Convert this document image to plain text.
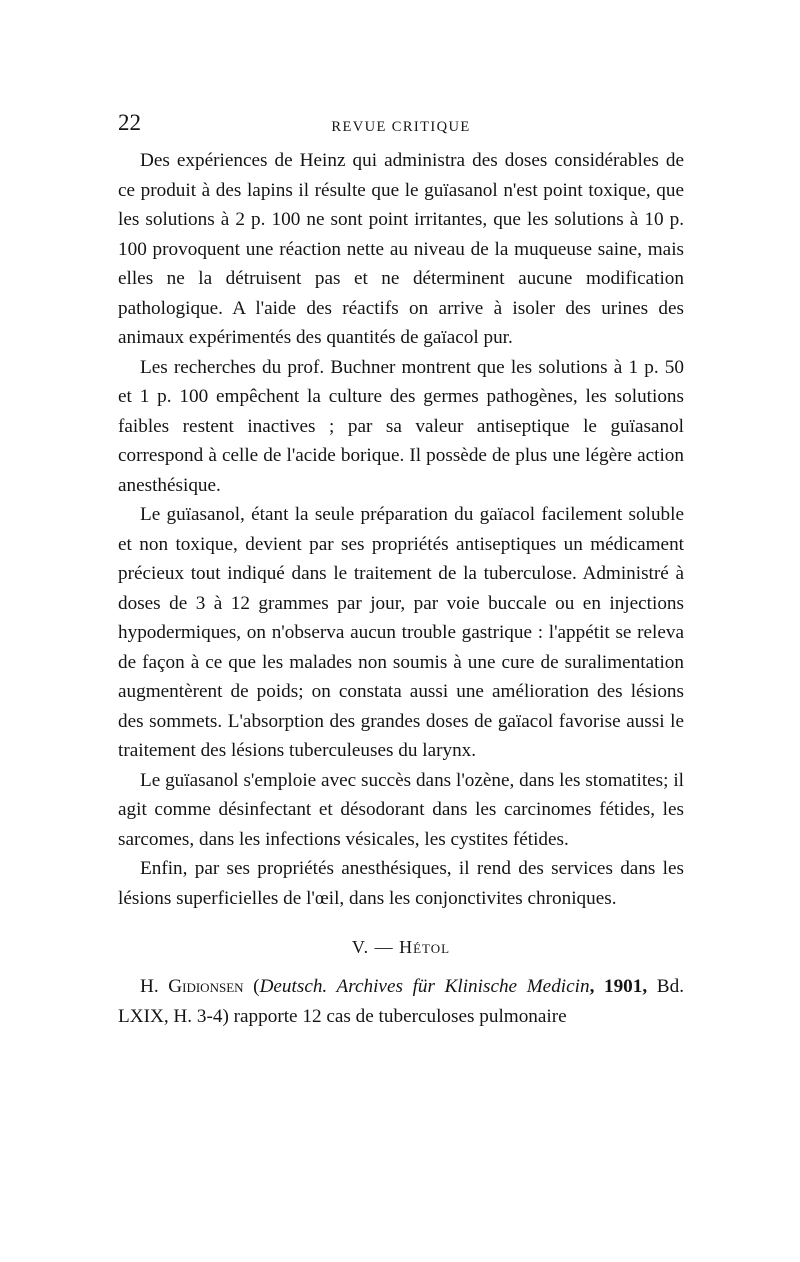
22	REVUE CRITIQUE

Des expériences de Heinz qui administra des doses considérables de ce produit à des lapins il résulte que le guïasanol n'est point toxique, que les solutions à 2 p. 100 ne sont point irritantes, que les solutions à 10 p. 100 provoquent une réaction nette au niveau de la muqueuse saine, mais elles ne la détruisent pas et ne déterminent aucune modification pathologique. A l'aide des réactifs on arrive à isoler des urines des animaux expérimentés des quantités de gaïacol pur.

Les recherches du prof. Buchner montrent que les solutions à 1 p. 50 et 1 p. 100 empêchent la culture des germes pathogènes, les solutions faibles restent inactives ; par sa valeur antiseptique le guïasanol correspond à celle de l'acide borique. Il possède de plus une légère action anesthésique.

Le guïasanol, étant la seule préparation du gaïacol facilement soluble et non toxique, devient par ses propriétés antiseptiques un médicament précieux tout indiqué dans le traitement de la tuberculose. Administré à doses de 3 à 12 grammes par jour, par voie buccale ou en injections hypodermiques, on n'observa aucun trouble gastrique : l'appétit se releva de façon à ce que les malades non soumis à une cure de suralimentation augmentèrent de poids; on constata aussi une amélioration des lésions des sommets. L'absorption des grandes doses de gaïacol favorise aussi le traitement des lésions tuberculeuses du larynx.

Le guïasanol s'emploie avec succès dans l'ozène, dans les stomatites; il agit comme désinfectant et désodorant dans les carcinomes fétides, les sarcomes, dans les infections vésicales, les cystites fétides.

Enfin, par ses propriétés anesthésiques, il rend des services dans les lésions superficielles de l'œil, dans les conjonctivites chroniques.

V. — Hétol

H. Gidionsen (Deutsch. Archives für Klinische Medicin, 1901, Bd. LXIX, H. 3-4) rapporte 12 cas de tuberculoses pulmonaire
